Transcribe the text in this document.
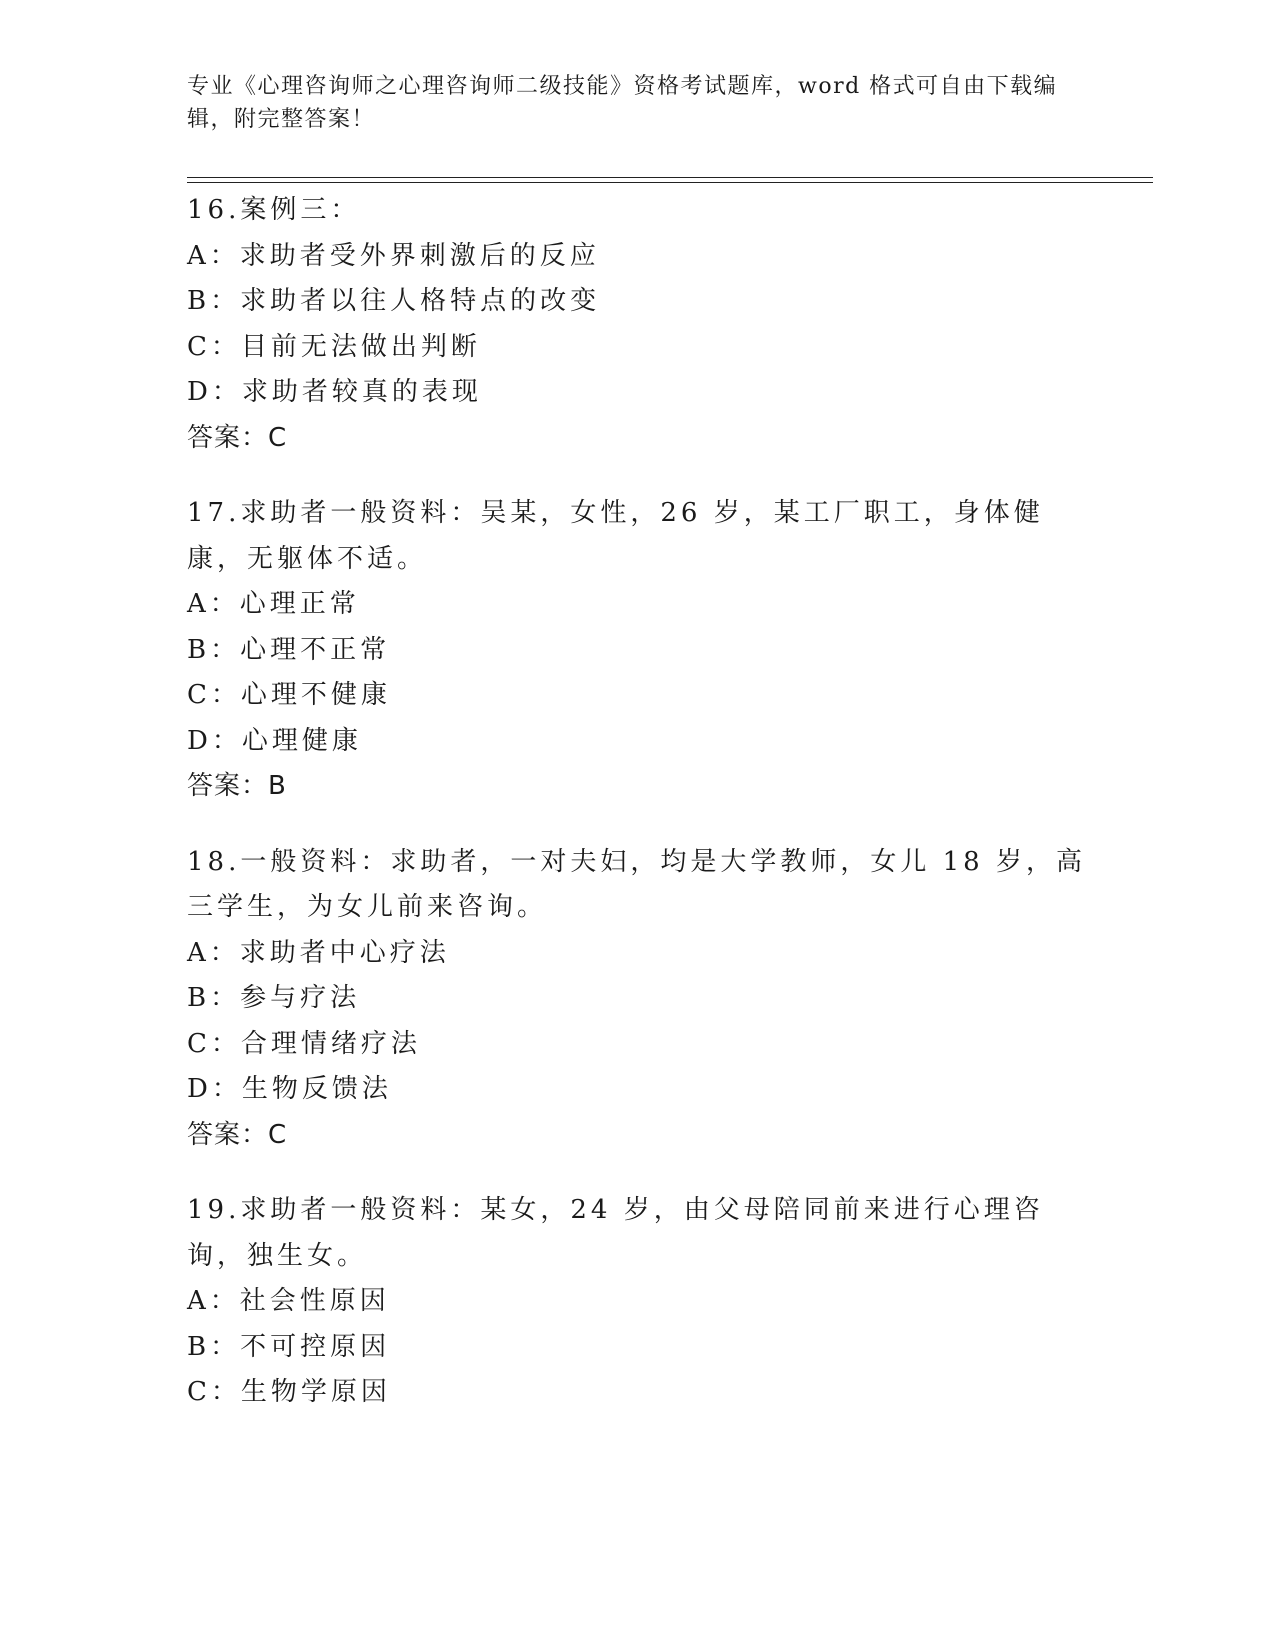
专业《心理咨询师之心理咨询师二级技能》资格考试题库，word 格式可自由下载编辑，附完整答案！
16.案例三：
A：求助者受外界刺激后的反应
B：求助者以往人格特点的改变
C：目前无法做出判断
D：求助者较真的表现
答案：C
17.求助者一般资料：吴某，女性，26 岁，某工厂职工，身体健康，无躯体不适。
A：心理正常
B：心理不正常
C：心理不健康
D：心理健康
答案：B
18.一般资料：求助者，一对夫妇，均是大学教师，女儿 18 岁，高三学生，为女儿前来咨询。
A：求助者中心疗法
B：参与疗法
C：合理情绪疗法
D：生物反馈法
答案：C
19.求助者一般资料：某女，24 岁，由父母陪同前来进行心理咨询，独生女。
A：社会性原因
B：不可控原因
C：生物学原因
